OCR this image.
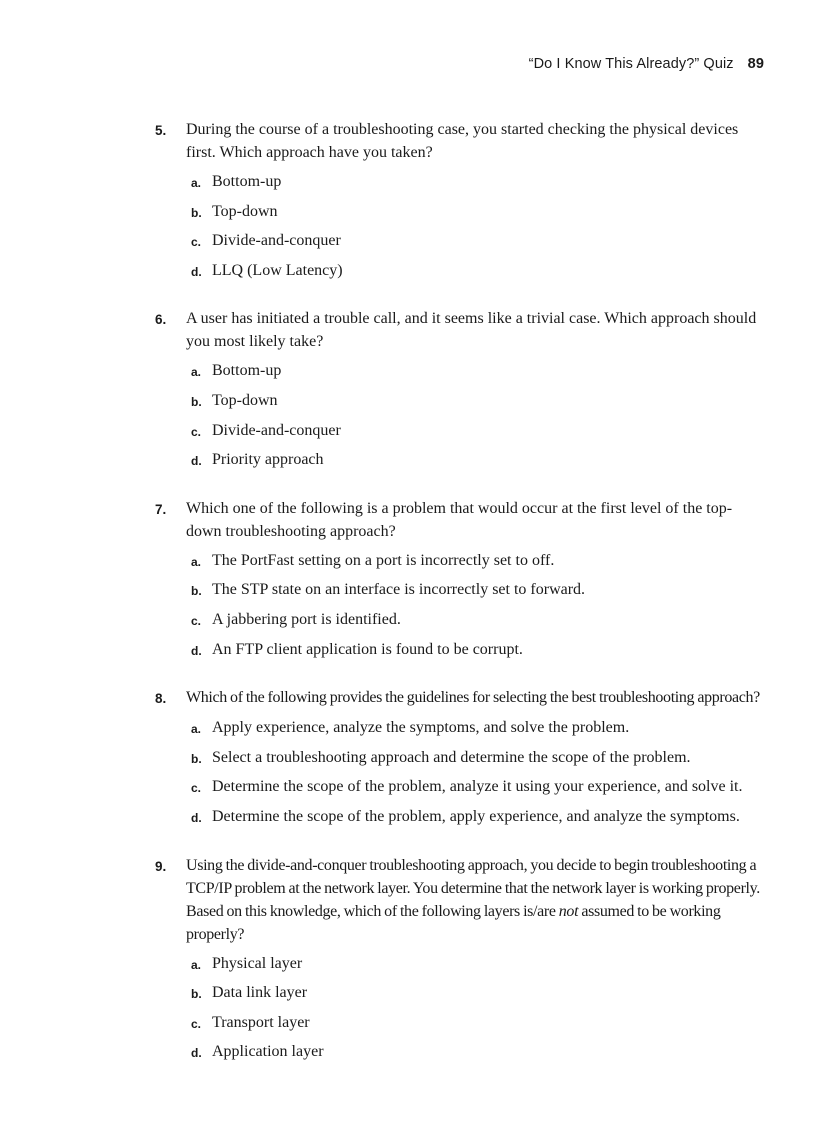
“Do I Know This Already?” Quiz 89
5.	During the course of a troubleshooting case, you started checking the physical devices first. Which approach have you taken?
a. Bottom-up
b. Top-down
c. Divide-and-conquer
d. LLQ (Low Latency)
6.	A user has initiated a trouble call, and it seems like a trivial case. Which approach should you most likely take?
a. Bottom-up
b. Top-down
c. Divide-and-conquer
d. Priority approach
7.	Which one of the following is a problem that would occur at the first level of the top-down troubleshooting approach?
a. The PortFast setting on a port is incorrectly set to off.
b. The STP state on an interface is incorrectly set to forward.
c. A jabbering port is identified.
d. An FTP client application is found to be corrupt.
8.	Which of the following provides the guidelines for selecting the best troubleshooting approach?
a. Apply experience, analyze the symptoms, and solve the problem.
b. Select a troubleshooting approach and determine the scope of the problem.
c. Determine the scope of the problem, analyze it using your experience, and solve it.
d. Determine the scope of the problem, apply experience, and analyze the symptoms.
9.	Using the divide-and-conquer troubleshooting approach, you decide to begin troubleshooting a TCP/IP problem at the network layer. You determine that the network layer is working properly. Based on this knowledge, which of the following layers is/are not assumed to be working properly?
a. Physical layer
b. Data link layer
c. Transport layer
d. Application layer
